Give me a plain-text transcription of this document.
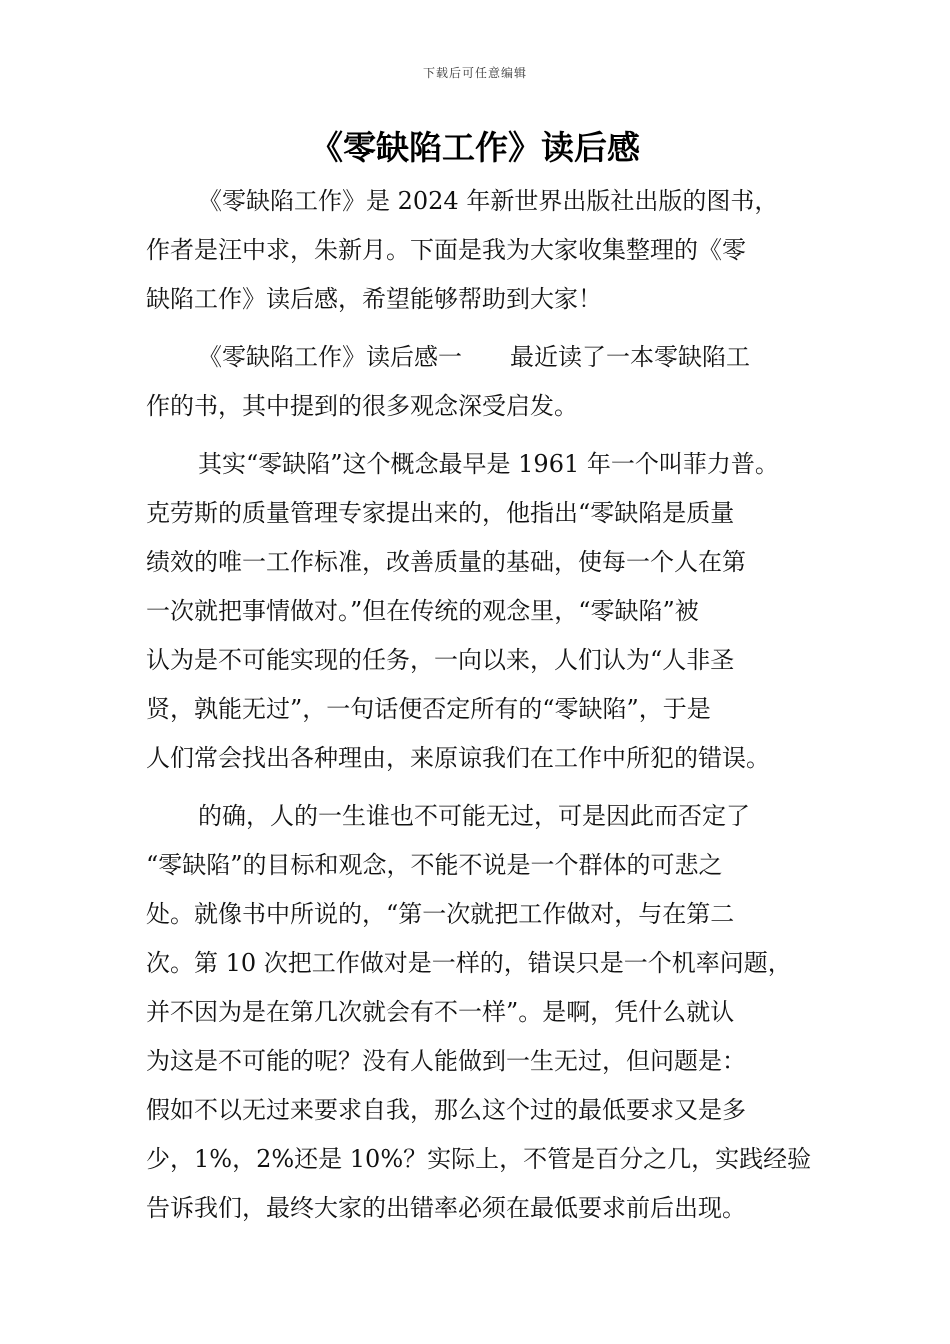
下载后可任意编辑
《零缺陷工作》读后感
《零缺陷工作》是 2024 年新世界出版社出版的图书，
作者是汪中求，朱新月。下面是我为大家收集整理的《零
缺陷工作》读后感，希望能够帮助到大家！
《零缺陷工作》读后感一　　最近读了一本零缺陷工
作的书，其中提到的很多观念深受启发。
其实“零缺陷”这个概念最早是 1961 年一个叫菲力普。
克劳斯的质量管理专家提出来的，他指出“零缺陷是质量
绩效的唯一工作标准，改善质量的基础，使每一个人在第
一次就把事情做对。”但在传统的观念里，“零缺陷”被
认为是不可能实现的任务，一向以来，人们认为“人非圣
贤，孰能无过”，一句话便否定所有的“零缺陷”，于是
人们常会找出各种理由，来原谅我们在工作中所犯的错误。
的确，人的一生谁也不可能无过，可是因此而否定了
“零缺陷”的目标和观念，不能不说是一个群体的可悲之
处。就像书中所说的，“第一次就把工作做对，与在第二
次。第 10 次把工作做对是一样的，错误只是一个机率问题，
并不因为是在第几次就会有不一样”。是啊，凭什么就认
为这是不可能的呢？没有人能做到一生无过，但问题是：
假如不以无过来要求自我，那么这个过的最低要求又是多
少，1%，2%还是 10%？实际上，不管是百分之几，实践经验
告诉我们，最终大家的出错率必须在最低要求前后出现。
